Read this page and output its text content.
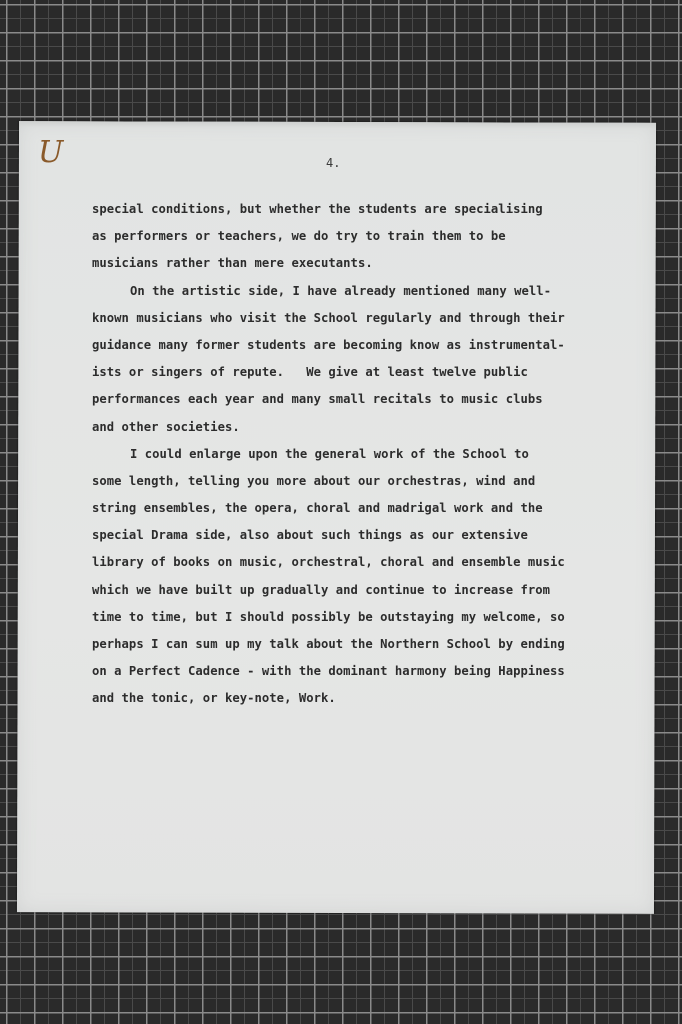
U	4.
special conditions, but whether the students are specialising
as performers or teachers, we do try to train them to be
musicians rather than mere executants.
On the artistic side, I have already mentioned many well-
known musicians who visit the School regularly and through their
guidance many former students are becoming know as instrumental-
ists or singers of repute.   We give at least twelve public
performances each year and many small recitals to music clubs
and other societies.
I could enlarge upon the general work of the School to
some length, telling you more about our orchestras, wind and
string ensembles, the opera, choral and madrigal work and the
special Drama side, also about such things as our extensive
library of books on music, orchestral, choral and ensemble music
which we have built up gradually and continue to increase from
time to time, but I should possibly be outstaying my welcome, so
perhaps I can sum up my talk about the Northern School by ending
on a Perfect Cadence - with the dominant harmony being Happiness
and the tonic, or key-note, Work.
